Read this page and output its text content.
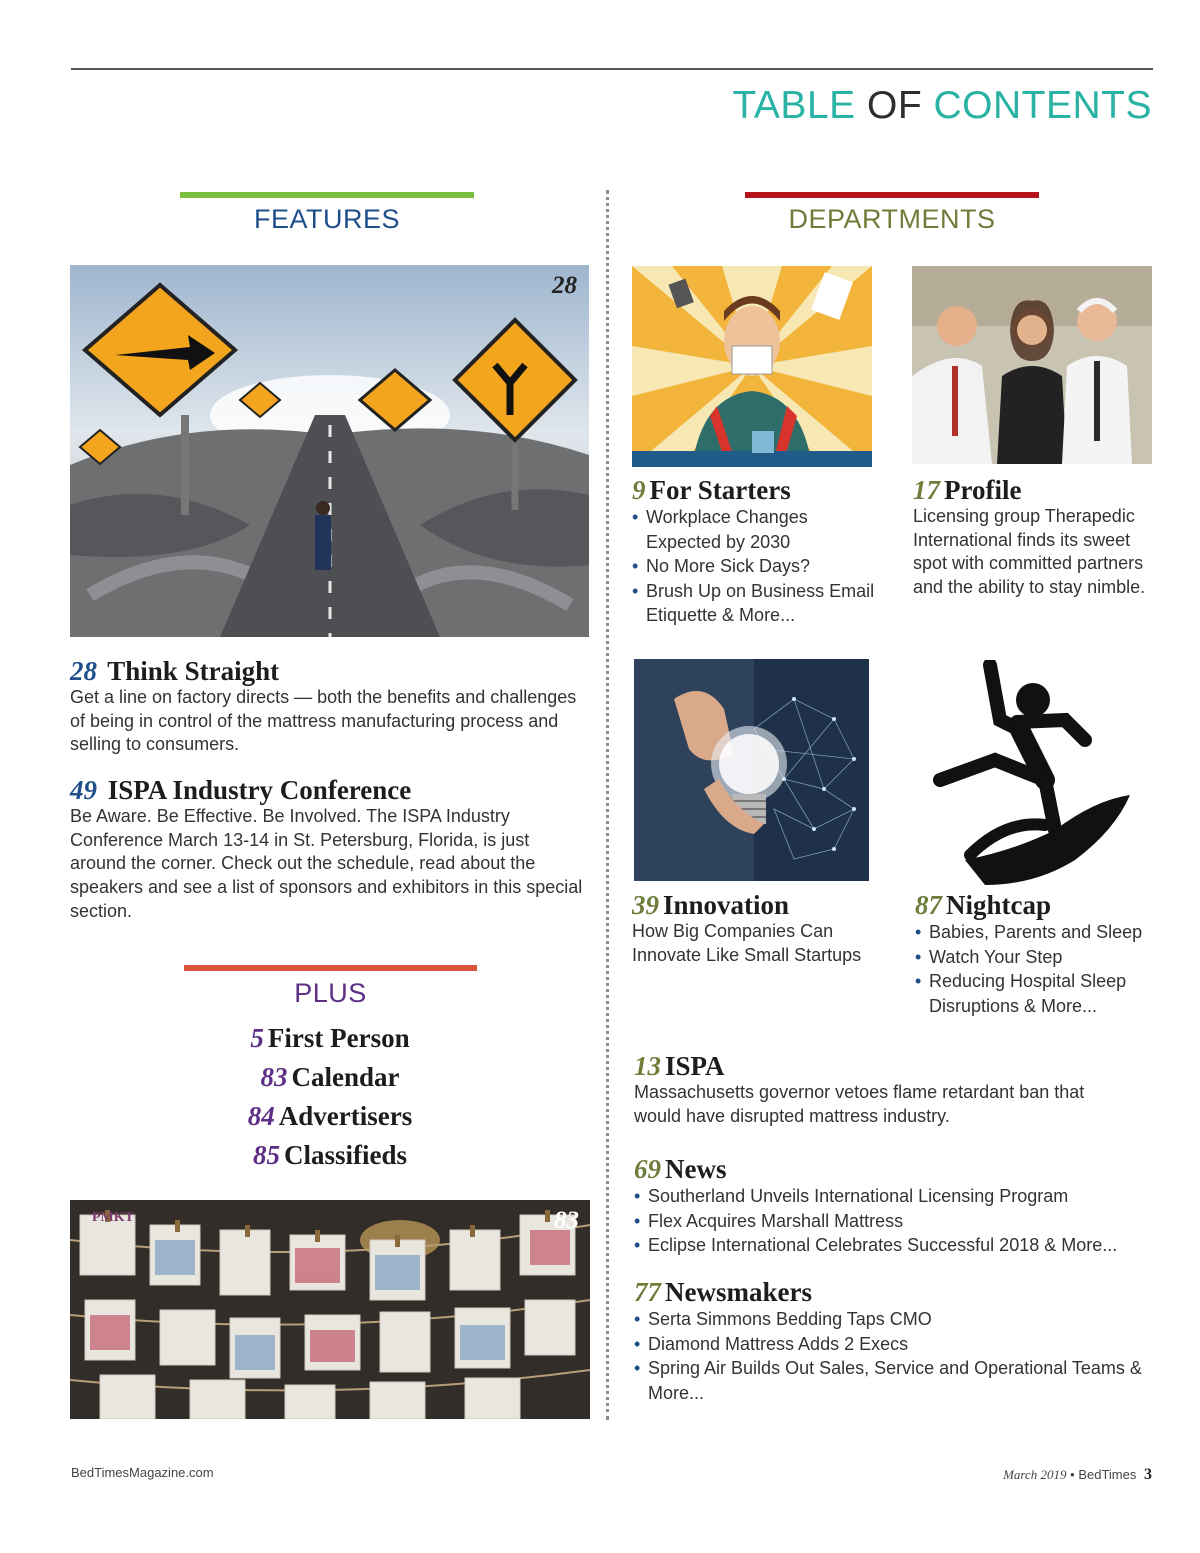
TABLE OF CONTENTS
FEATURES
28
28 Think Straight
Get a line on factory directs — both the benefits and challenges of being in control of the mattress manufacturing process and selling to consumers.
49 ISPA Industry Conference
Be Aware. Be Effective. Be Involved. The ISPA Industry Conference March 13-14 in St. Petersburg, Florida, is just around the corner. Check out the schedule, read about the speakers and see a list of sponsors and exhibitors in this special section.
PLUS
5 First Person
83 Calendar
84 Advertisers
85 Classifieds
PMKT	83
DEPARTMENTS
9 For Starters
• Workplace Changes Expected by 2030
• No More Sick Days?
• Brush Up on Business Email Etiquette & More...
17 Profile
Licensing group Therapedic International finds its sweet spot with committed partners and the ability to stay nimble.
39 Innovation
How Big Companies Can Innovate Like Small Startups
87 Nightcap
• Babies, Parents and Sleep
• Watch Your Step
• Reducing Hospital Sleep Disruptions & More...
13 ISPA
Massachusetts governor vetoes flame retardant ban that would have disrupted mattress industry.
69 News
• Southerland Unveils International Licensing Program
• Flex Acquires Marshall Mattress
• Eclipse International Celebrates Successful 2018 & More...
77 Newsmakers
• Serta Simmons Bedding Taps CMO
• Diamond Mattress Adds 2 Execs
• Spring Air Builds Out Sales, Service and Operational Teams & More...
BedTimesMagazine.com	March 2019 • BedTimes 3
